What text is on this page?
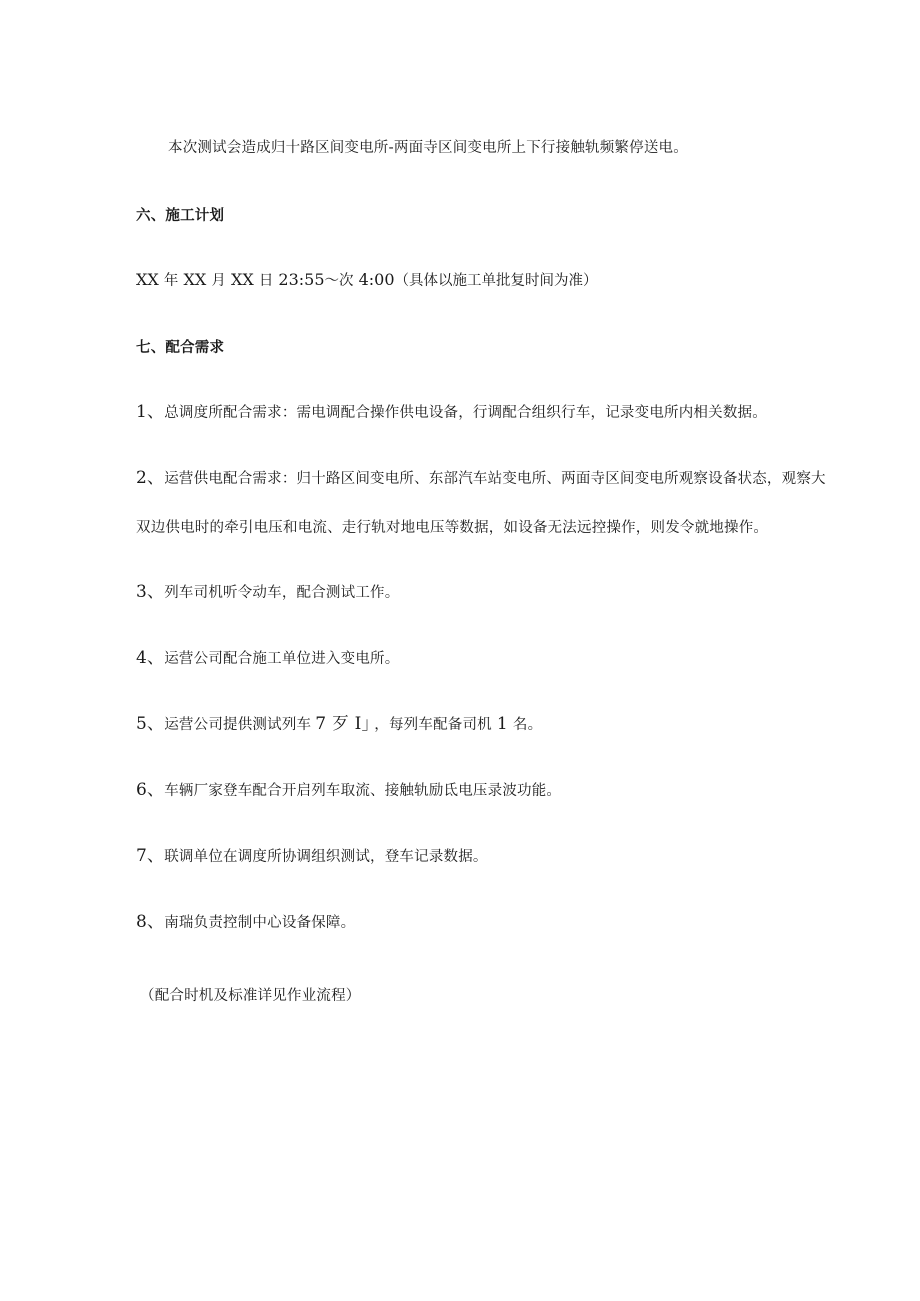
本次测试会造成归十路区间变电所-两面寺区间变电所上下行接触轨频繁停送电。
六、施工计划
XX 年 XX 月 XX 日 23:55～次 4:00（具体以施工单批复时间为准）
七、配合需求
1、总调度所配合需求：需电调配合操作供电设备，行调配合组织行车，记录变电所内相关数据。
2、运营供电配合需求：归十路区间变电所、东部汽车站变电所、两面寺区间变电所观察设备状态，观察大
双边供电时的牵引电压和电流、走行轨对地电压等数据，如设备无法远控操作，则发令就地操作。
3、列车司机听令动车，配合测试工作。
4、运营公司配合施工单位进入变电所。
5、运营公司提供测试列车 7 歹 I」 ，每列车配备司机 1 名。
6、车辆厂家登车配合开启列车取流、接触轨励氐电压录波功能。
7、联调单位在调度所协调组织测试，登车记录数据。
8、南瑞负责控制中心设备保障。
（配合时机及标准详见作业流程）
